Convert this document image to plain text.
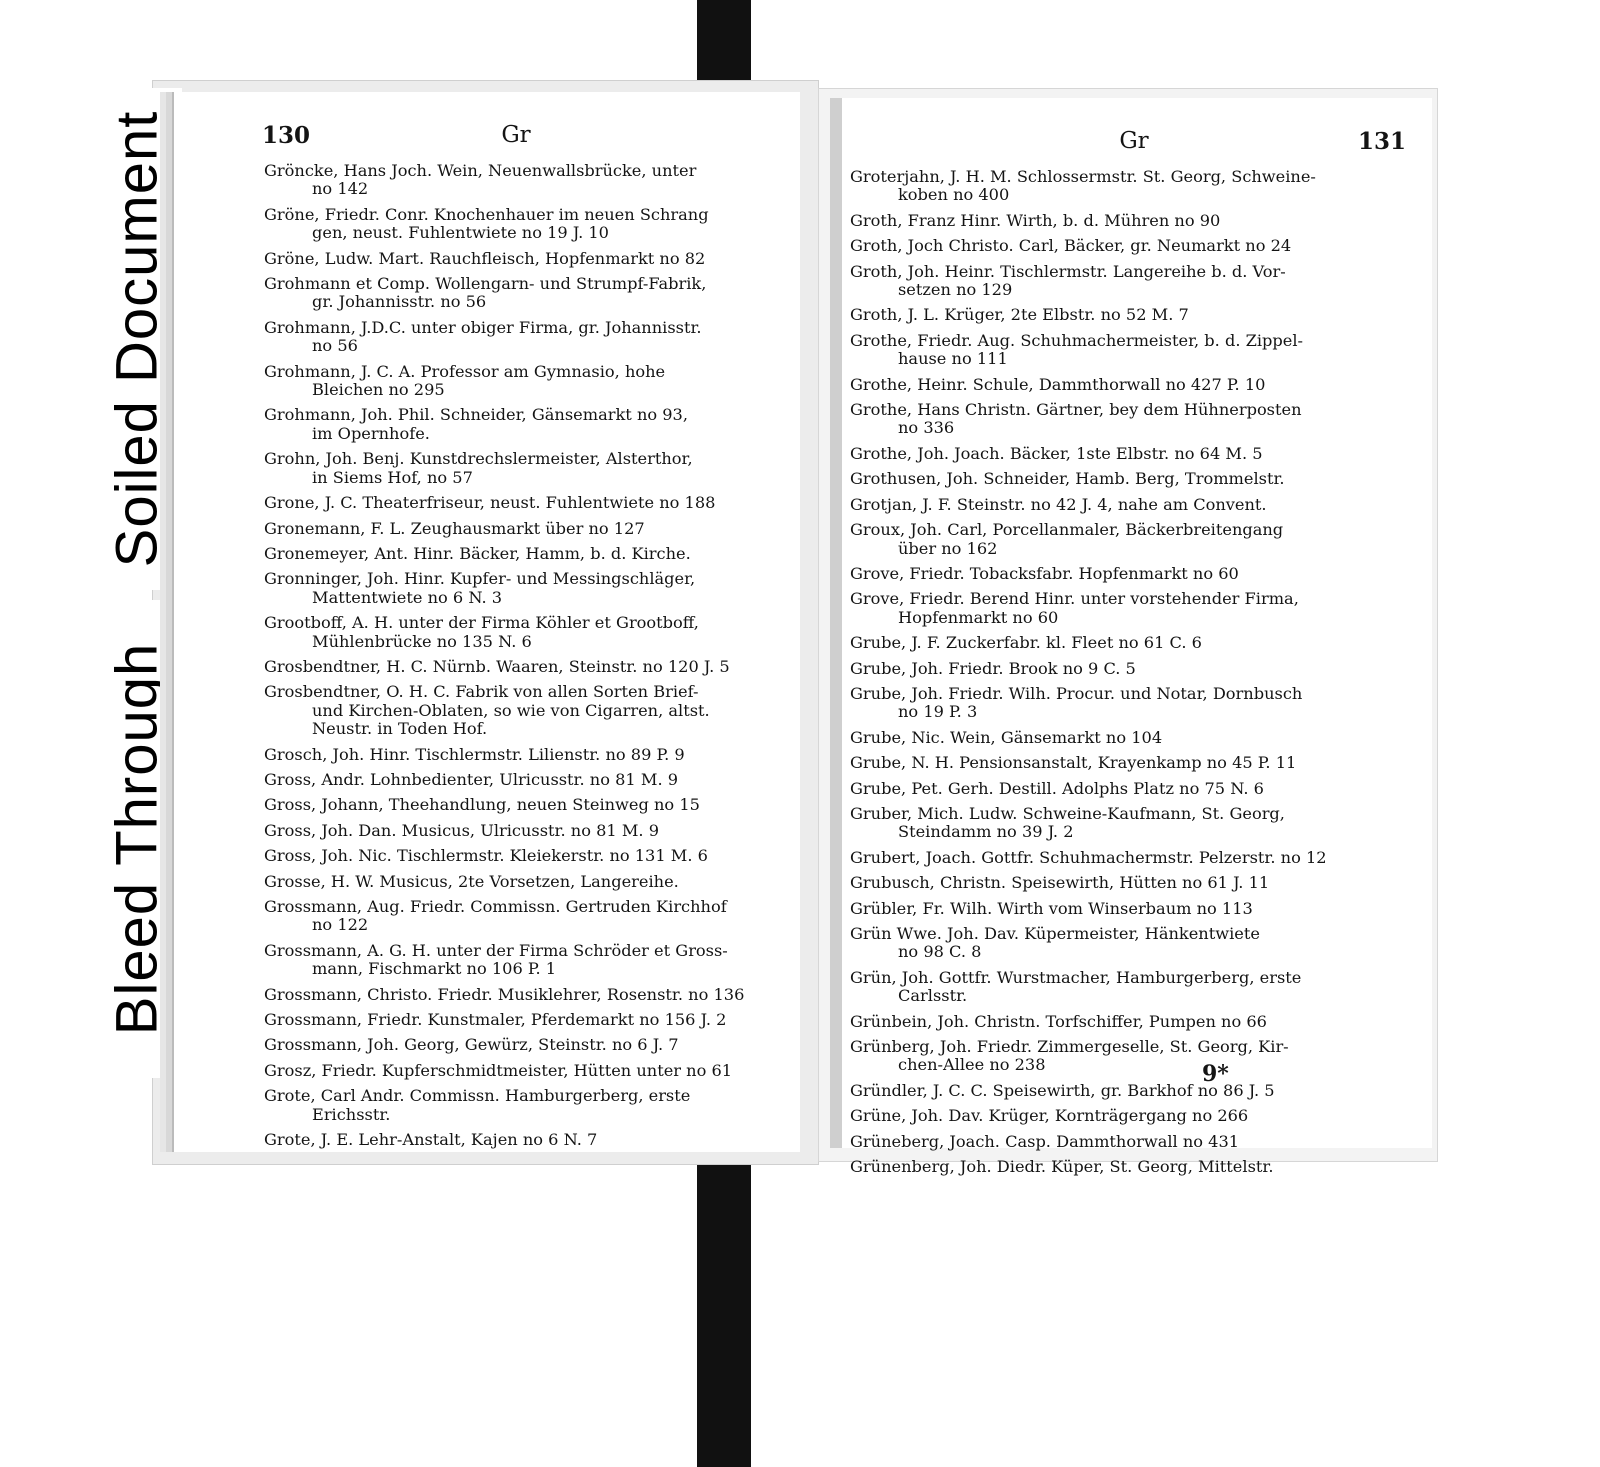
Soiled Document
Bleed Through
130	Gr
Gröncke, Hans Joch. Wein, Neuenwallsbrücke, unter
no 142
Gröne, Friedr. Conr. Knochenhauer im neuen Schrang
gen, neust. Fuhlentwiete no 19 J. 10
Gröne, Ludw. Mart. Rauchfleisch, Hopfenmarkt no 82
Grohmann et Comp. Wollengarn- und Strumpf-Fabrik,
gr. Johannisstr. no 56
Grohmann, J.D.C. unter obiger Firma, gr. Johannisstr.
no 56
Grohmann, J. C. A. Professor am Gymnasio, hohe
Bleichen no 295
Grohmann, Joh. Phil. Schneider, Gänsemarkt no 93,
im Opernhofe.
Grohn, Joh. Benj. Kunstdrechslermeister, Alsterthor,
in Siems Hof, no 57
Grone, J. C. Theaterfriseur, neust. Fuhlentwiete no 188
Gronemann, F. L. Zeughausmarkt über no 127
Gronemeyer, Ant. Hinr. Bäcker, Hamm, b. d. Kirche.
Gronninger, Joh. Hinr. Kupfer- und Messingschläger,
Mattentwiete no 6 N. 3
Grootboff, A. H. unter der Firma Köhler et Grootboff,
Mühlenbrücke no 135 N. 6
Grosbendtner, H. C. Nürnb. Waaren, Steinstr. no 120 J. 5
Grosbendtner, O. H. C. Fabrik von allen Sorten Brief-
und Kirchen-Oblaten, so wie von Cigarren, altst.
Neustr. in Toden Hof.
Grosch, Joh. Hinr. Tischlermstr. Lilienstr. no 89 P. 9
Gross, Andr. Lohnbedienter, Ulricusstr. no 81 M. 9
Gross, Johann, Theehandlung, neuen Steinweg no 15
Gross, Joh. Dan. Musicus, Ulricusstr. no 81 M. 9
Gross, Joh. Nic. Tischlermstr. Kleiekerstr. no 131 M. 6
Grosse, H. W. Musicus, 2te Vorsetzen, Langereihe.
Grossmann, Aug. Friedr. Commissn. Gertruden Kirchhof
no 122
Grossmann, A. G. H. unter der Firma Schröder et Gross-
mann, Fischmarkt no 106 P. 1
Grossmann, Christo. Friedr. Musiklehrer, Rosenstr. no 136
Grossmann, Friedr. Kunstmaler, Pferdemarkt no 156 J. 2
Grossmann, Joh. Georg, Gewürz, Steinstr. no 6 J. 7
Grosz, Friedr. Kupferschmidtmeister, Hütten unter no 61
Grote, Carl Andr. Commissn. Hamburgerberg, erste
Erichsstr.
Grote, J. E. Lehr-Anstalt, Kajen no 6 N. 7
Gr	131
Groterjahn, J. H. M. Schlossermstr. St. Georg, Schweine-
koben no 400
Groth, Franz Hinr. Wirth, b. d. Mühren no 90
Groth, Joch Christo. Carl, Bäcker, gr. Neumarkt no 24
Groth, Joh. Heinr. Tischlermstr. Langereihe b. d. Vor-
setzen no 129
Groth, J. L. Krüger, 2te Elbstr. no 52 M. 7
Grothe, Friedr. Aug. Schuhmachermeister, b. d. Zippel-
hause no 111
Grothe, Heinr. Schule, Dammthorwall no 427 P. 10
Grothe, Hans Christn. Gärtner, bey dem Hühnerposten
no 336
Grothe, Joh. Joach. Bäcker, 1ste Elbstr. no 64 M. 5
Grothusen, Joh. Schneider, Hamb. Berg, Trommelstr.
Grotjan, J. F. Steinstr. no 42 J. 4, nahe am Convent.
Groux, Joh. Carl, Porcellanmaler, Bäckerbreitengang
über no 162
Grove, Friedr. Tobacksfabr. Hopfenmarkt no 60
Grove, Friedr. Berend Hinr. unter vorstehender Firma,
Hopfenmarkt no 60
Grube, J. F. Zuckerfabr. kl. Fleet no 61 C. 6
Grube, Joh. Friedr. Brook no 9 C. 5
Grube, Joh. Friedr. Wilh. Procur. und Notar, Dornbusch
no 19 P. 3
Grube, Nic. Wein, Gänsemarkt no 104
Grube, N. H. Pensionsanstalt, Krayenkamp no 45 P. 11
Grube, Pet. Gerh. Destill. Adolphs Platz no 75 N. 6
Gruber, Mich. Ludw. Schweine-Kaufmann, St. Georg,
Steindamm no 39 J. 2
Grubert, Joach. Gottfr. Schuhmachermstr. Pelzerstr. no 12
Grubusch, Christn. Speisewirth, Hütten no 61 J. 11
Grübler, Fr. Wilh. Wirth vom Winserbaum no 113
Grün Wwe. Joh. Dav. Küpermeister, Hänkentwiete
no 98 C. 8
Grün, Joh. Gottfr. Wurstmacher, Hamburgerberg, erste
Carlsstr.
Grünbein, Joh. Christn. Torfschiffer, Pumpen no 66
Grünberg, Joh. Friedr. Zimmergeselle, St. Georg, Kir-
chen-Allee no 238
Gründler, J. C. C. Speisewirth, gr. Barkhof no 86 J. 5
Grüne, Joh. Dav. Krüger, Kornträgergang no 266
Grüneberg, Joach. Casp. Dammthorwall no 431
Grünenberg, Joh. Diedr. Küper, St. Georg, Mittelstr.
9*
